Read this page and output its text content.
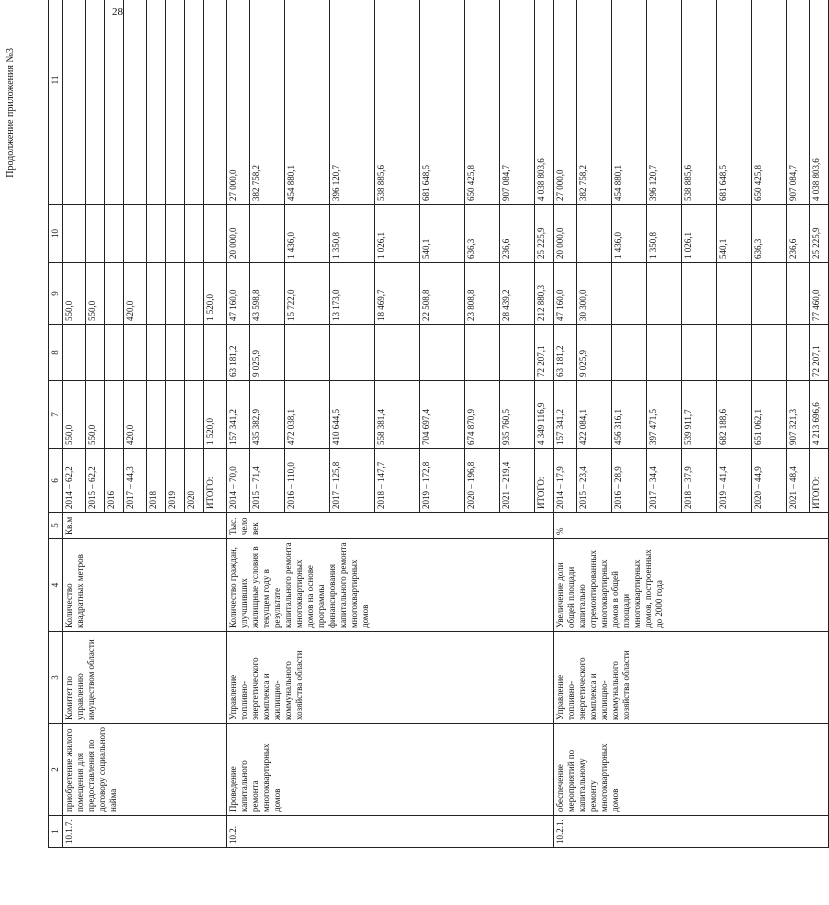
28
Продолжение приложения №3
1	2	3	4	5	6	7	8	9	10	11
10.1.7.	приобретение жилого помещения для предоставления по договору социального найма	Комитет по управлению имуществом области	Количество квадратных метров	Кв.м	2014 – 62,2	550,0		550,0		
					2015 – 62,2	550,0		550,0		
					2016					
					2017 – 44,3	420,0		420,0		
					2018					
					2019					
					2020					
					ИТОГО:	1 520,0		1 520,0		
10.2.	Проведение капитального ремонта многоквартирных домов	Управление топливно-энергетического комплекса и жилищно-коммунального хозяйства области	Количество граждан, улучшивших жилищные условия в текущем году в результате капитального ремонта многоквартирных домов на основе программы финансирования капитального ремонта многоквартирных домов	Тыс. человек	2014 – 70,0	157 341,2	63 181,2	47 160,0	20 000,0	27 000,0
					2015 – 71,4	435 382,9	9 025,9	43 598,8		382 758,2
					2016 – 110,0	472 038,1		15 722,0	1 436,0	454 880,1
					2017 – 125,8	410 644,5		13 173,0	1 350,8	396 120,7
					2018 – 147,7	558 381,4		18 469,7	1 026,1	538 885,6
					2019 – 172,8	704 697,4		22 508,8	540,1	681 648,5
					2020 – 196,8	674 870,9		23 808,8	636,3	650 425,8
					2021 – 219,4	935 760,5		28 439,2	236,6	907 084,7
					ИТОГО:	4 349 116,9	72 207,1	212 880,3	25 225,9	4 038 803,6
10.2.1.	обеспечение мероприятий по капитальному ремонту многоквартирных домов	Управление топливно-энергетического комплекса и жилищно-коммунального хозяйства области	Увеличение доли общей площади капитально отремонтированных многоквартирных домов в общей площади многоквартирных домов, построенных до 2000 года	%	2014 – 17,9	157 341,2	63 181,2	47 160,0	20 000,0	27 000,0
					2015 – 23,4	422 084,1	9 025,9	30 300,0		382 758,2
					2016 – 28,9	456 316,1			1 436,0	454 880,1
					2017 – 34,4	397 471,5			1 350,8	396 120,7
					2018 – 37,9	539 911,7			1 026,1	538 885,6
					2019 – 41,4	682 188,6			540,1	681 648,5
					2020 – 44,9	651 062,1			636,3	650 425,8
					2021 – 48,4	907 321,3			236,6	907 084,7
					ИТОГО:	4 213 696,6	72 207,1	77 460,0	25 225,9	4 038 803,6
